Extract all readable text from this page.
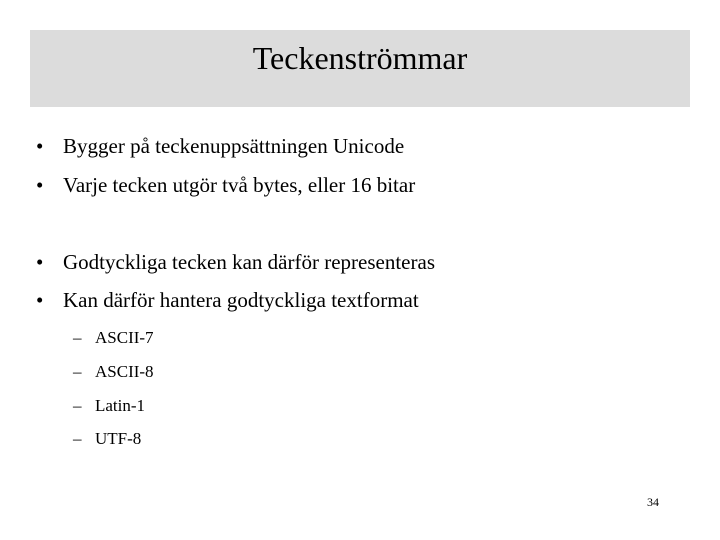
Teckenströmmar
• Bygger på teckenuppsättningen Unicode
• Varje tecken utgör två bytes, eller 16 bitar
• Godtyckliga tecken kan därför representeras
• Kan därför hantera godtyckliga textformat
– ASCII-7
– ASCII-8
– Latin-1
– UTF-8
34
